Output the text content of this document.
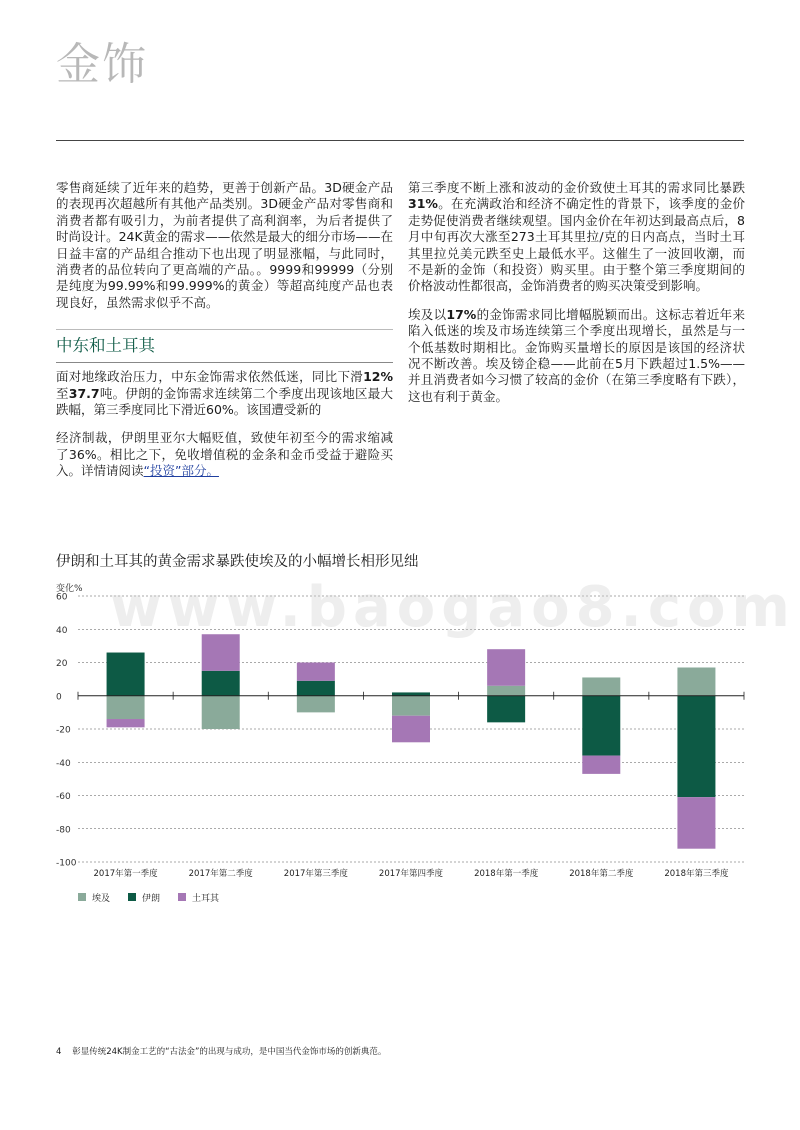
金饰

零售商延续了近年来的趋势，更善于创新产品。3D硬金产品的表现再次超越所有其他产品类别。3D硬金产品对零售商和消费者都有吸引力，为前者提供了高利润率，为后者提供了时尚设计。24K黄金的需求——依然是最大的细分市场——在日益丰富的产品组合推动下也出现了明显涨幅，与此同时，消费者的品位转向了更高端的产品。。9999和99999（分别是纯度为99.99%和99.999%的黄金）等超高纯度产品也表现良好，虽然需求似乎不高。

中东和土耳其

面对地缘政治压力，中东金饰需求依然低迷，同比下滑12%至37.7吨。伊朗的金饰需求连续第二个季度出现该地区最大跌幅，第三季度同比下滑近60%。该国遭受新的

经济制裁，伊朗里亚尔大幅贬值，致使年初至今的需求缩减了36%。相比之下，免收增值税的金条和金币受益于避险买入。详情请阅读“投资”部分。

第三季度不断上涨和波动的金价致使土耳其的需求同比暴跌31%。在充满政治和经济不确定性的背景下，该季度的金价走势促使消费者继续观望。国内金价在年初达到最高点后，8月中旬再次大涨至273土耳其里拉/克的日内高点，当时土耳其里拉兑美元跌至史上最低水平。这催生了一波回收潮，而不是新的金饰（和投资）购买里。由于整个第三季度期间的价格波动性都很高，金饰消费者的购买决策受到影响。

埃及以17%的金饰需求同比增幅脱颖而出。这标志着近年来陷入低迷的埃及市场连续第三个季度出现增长，虽然是与一个低基数时期相比。金饰购买量增长的原因是该国的经济状况不断改善。埃及镑企稳——此前在5月下跌超过1.5%——并且消费者如今习惯了较高的金价（在第三季度略有下跌），这也有利于黄金。

伊朗和土耳其的黄金需求暴跌使埃及的小幅增长相形见绌
变化%
60
40
20
0
-20
-40
-60
-80
-100
2017年第一季度	2017年第二季度	2017年第三季度	2017年第四季度	2018年第一季度	2018年第二季度	2018年第三季度
埃及	伊朗	土耳其
www.baogao8.com
4 彰显传统24K制金工艺的“古法金”的出现与成功，是中国当代金饰市场的创新典范。
